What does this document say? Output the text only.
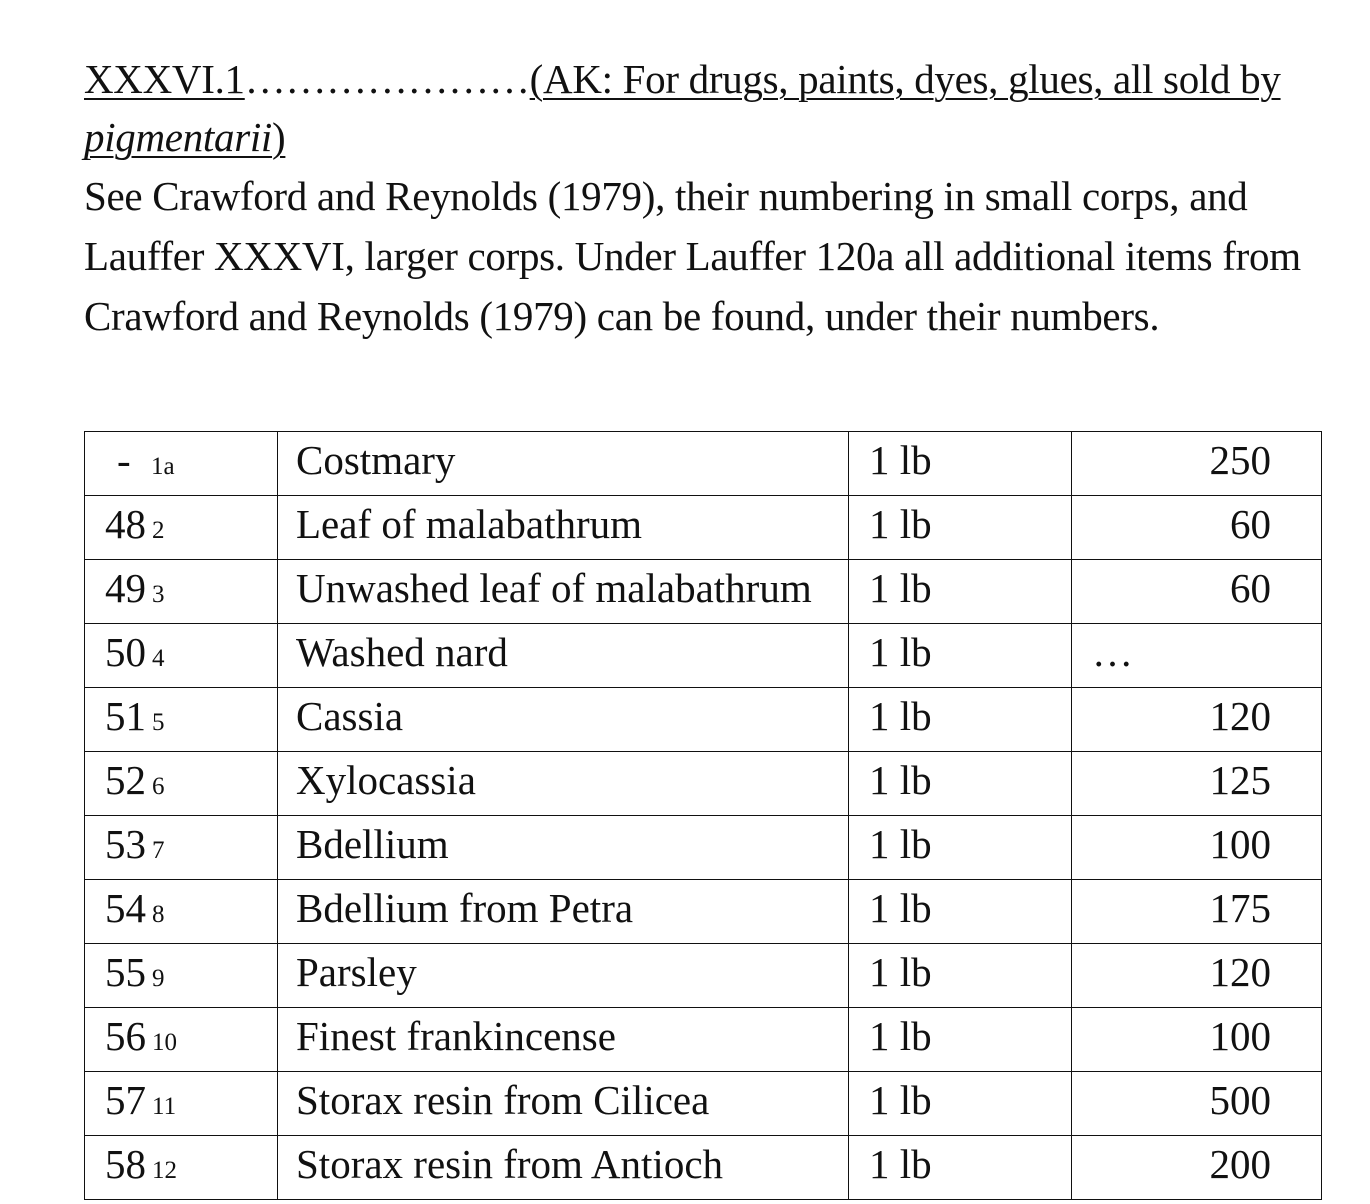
XXXVI.1…………………(AK: For drugs, paints, dyes, glues, all sold by pigmentarii)

See Crawford and Reynolds (1979), their numbering in small corps, and Lauffer XXXVI, larger corps. Under Lauffer 120a all additional items from Crawford and Reynolds (1979) can be found, under their numbers.

- 1a	Costmary	1 lb	250
48 2	Leaf of malabathrum	1 lb	60
49 3	Unwashed leaf of malabathrum	1 lb	60
50 4	Washed nard	1 lb	…
51 5	Cassia	1 lb	120
52 6	Xylocassia	1 lb	125
53 7	Bdellium	1 lb	100
54 8	Bdellium from Petra	1 lb	175
55 9	Parsley	1 lb	120
56 10	Finest frankincense	1 lb	100
57 11	Storax resin from Cilicea	1 lb	500
58 12	Storax resin from Antioch	1 lb	200
